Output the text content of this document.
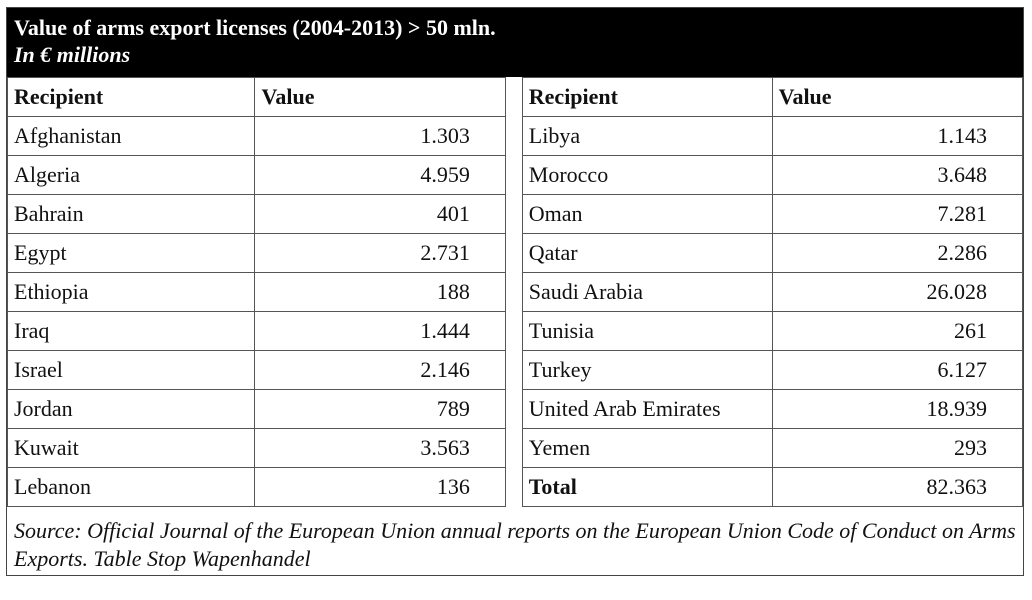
Value of arms export licenses (2004-2013) > 50 mln.
In € millions
Recipient	Value		Recipient	Value
Afghanistan	1.303		Libya	1.143
Algeria	4.959		Morocco	3.648
Bahrain	401		Oman	7.281
Egypt	2.731		Qatar	2.286
Ethiopia	188		Saudi Arabia	26.028
Iraq	1.444		Tunisia	261
Israel	2.146		Turkey	6.127
Jordan	789		United Arab Emirates	18.939
Kuwait	3.563		Yemen	293
Lebanon	136		Total	82.363
Source: Official Journal of the European Union annual reports on the European Union Code of Conduct on Arms Exports. Table Stop Wapenhandel
